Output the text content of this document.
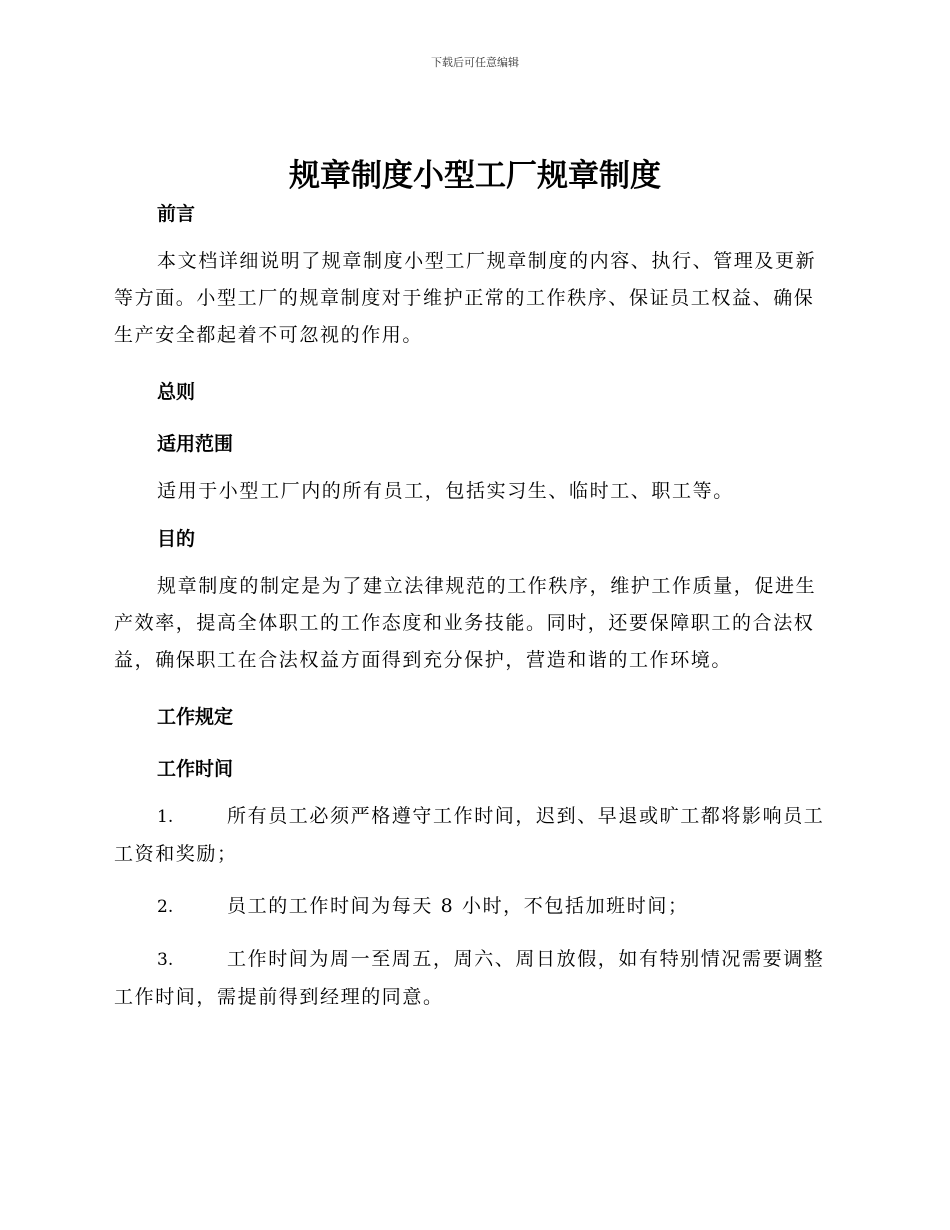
下载后可任意编辑
规章制度小型工厂规章制度

前言

本文档详细说明了规章制度小型工厂规章制度的内容、执行、管理及更新等方面。小型工厂的规章制度对于维护正常的工作秩序、保证员工权益、确保生产安全都起着不可忽视的作用。

总则

适用范围

适用于小型工厂内的所有员工，包括实习生、临时工、职工等。

目的

规章制度的制定是为了建立法律规范的工作秩序，维护工作质量，促进生产效率，提高全体职工的工作态度和业务技能。同时，还要保障职工的合法权益，确保职工在合法权益方面得到充分保护，营造和谐的工作环境。

工作规定

工作时间

1.	所有员工必须严格遵守工作时间，迟到、早退或旷工都将影响员工工资和奖励；

2.	员工的工作时间为每天 8 小时，不包括加班时间；

3.	工作时间为周一至周五，周六、周日放假，如有特别情况需要调整工作时间，需提前得到经理的同意。
